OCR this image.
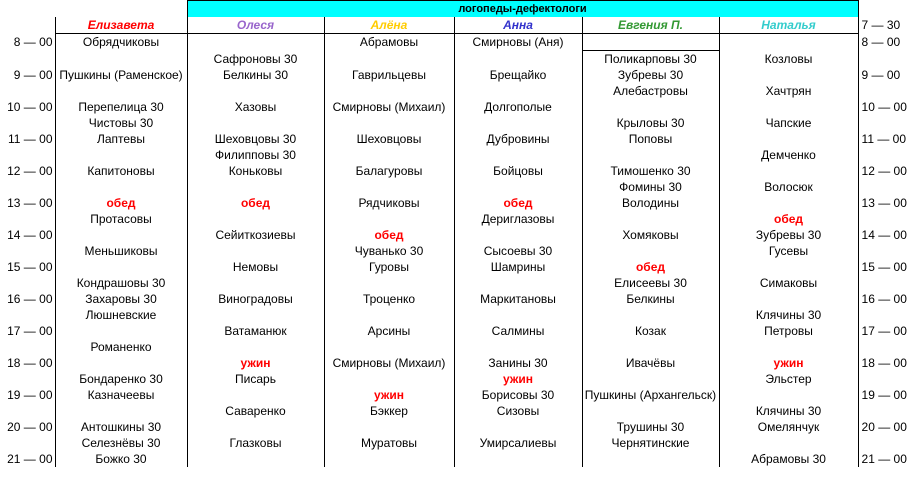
		логопеды-дефектологи					
	Елизавета	Олеся	Алёна	Анна	Евгения П.	Наталья	7 — 30
8 — 00	Обрядчиковы		Абрамовы	Смирновы (Аня)			8 — 00
		Сафроновы 30			Поликарповы 30	Козловы	
9 — 00	Пушкины (Раменское)	Белкины 30	Гаврильцевы	Брещайко	Зубревы 30		9 — 00
					Алебастровы	Хачтрян	
10 — 00	Перепелица 30	Хазовы	Смирновы (Михаил)	Долгополые			10 — 00
	Чистовы 30				Крыловы 30	Чапские	
11 — 00	Лаптевы	Шеховцовы 30	Шеховцовы	Дубровины	Поповы		11 — 00
		Филипповы 30				Демченко	
12 — 00	Капитоновы	Коньковы	Балагуровы	Бойцовы	Тимошенко 30		12 — 00
					Фомины 30	Волосюк	
13 — 00	обед	обед	Рядчиковы	обед	Володины		13 — 00
	Протасовы			Дериглазовы		обед	
14 — 00		Сейиткозиевы	обед		Хомяковы	Зубревы 30	14 — 00
	Меньшиковы		Чуванько 30	Сысоевы 30		Гусевы	
15 — 00		Немовы	Гуровы	Шамрины	обед		15 — 00
	Кондрашовы 30				Елисеевы 30	Симаковы	
16 — 00	Захаровы 30	Виноградовы	Троценко	Маркитановы	Белкины		16 — 00
	Люшневские					Клячины 30	
17 — 00		Ватаманюк	Арсины	Салмины	Козак	Петровы	17 — 00
	Романенко						
18 — 00		ужин	Смирновы (Михаил)	Занины 30	Ивачёвы	ужин	18 — 00
	Бондаренко 30	Писарь		ужин		Эльстер	
19 — 00	Казначеевы		ужин	Борисовы 30	Пушкины (Архангельск)		19 — 00
		Саваренко	Бэккер	Сизовы		Клячины 30	
20 — 00	Антошкины 30				Трушины 30	Омелянчук	20 — 00
	Селезнёвы 30	Глазковы	Муратовы	Умирсалиевы	Чернятинские		
21 — 00	Божко 30					Абрамовы 30	21 — 00
